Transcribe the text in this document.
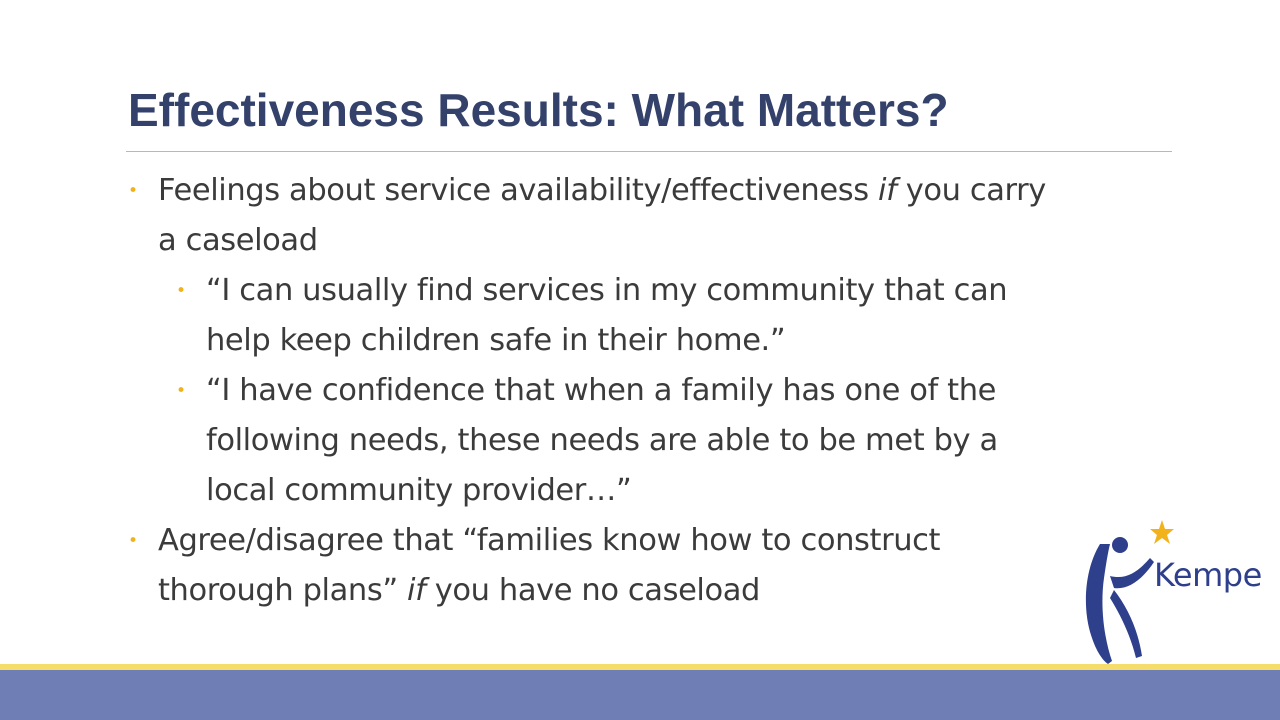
Effectiveness Results: What Matters?
• Feelings about service availability/effectiveness if you carry
a caseload
• “I can usually find services in my community that can
help keep children safe in their home.”
• “I have confidence that when a family has one of the
following needs, these needs are able to be met by a
local community provider…”
• Agree/disagree that “families know how to construct
thorough plans” if you have no caseload	Kempe
